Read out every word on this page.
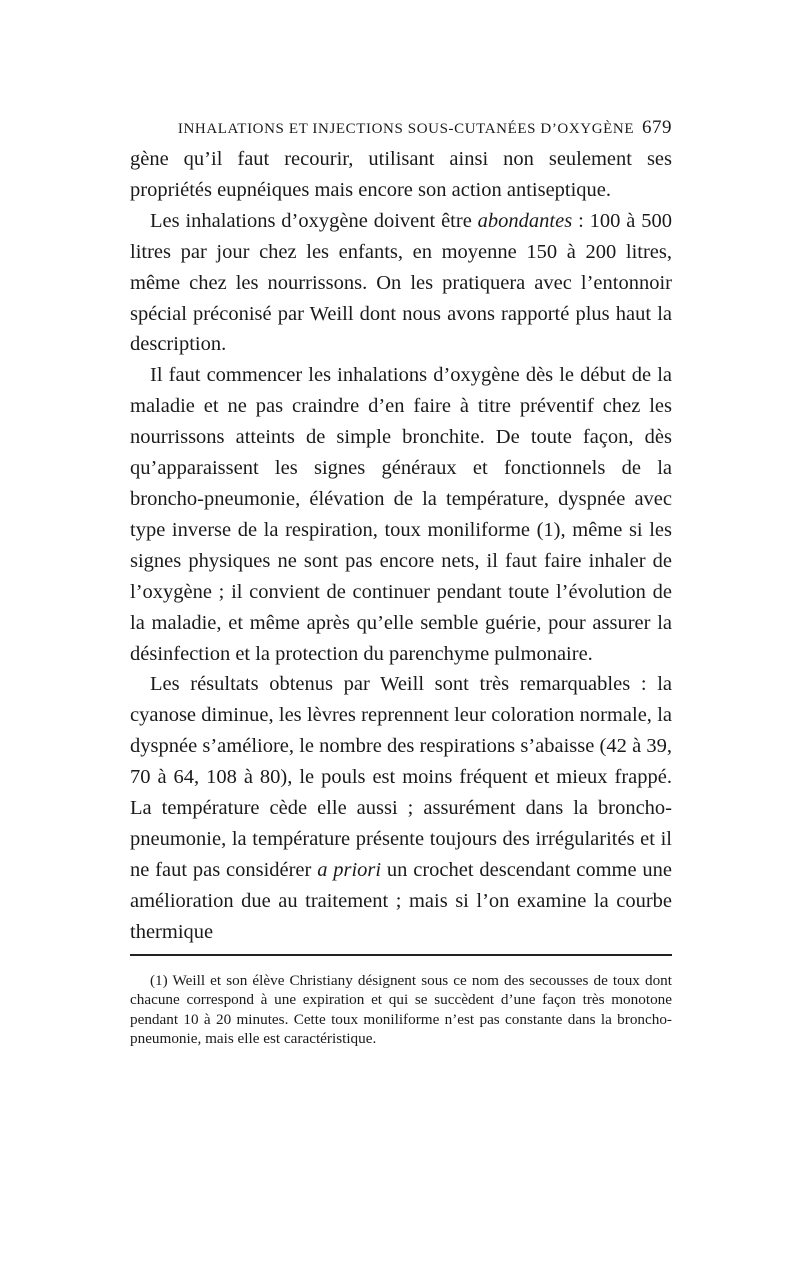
INHALATIONS ET INJECTIONS SOUS-CUTANÉES D’OXYGÈNE 679

gène qu’il faut recourir, utilisant ainsi non seulement ses propriétés eupnéiques mais encore son action antiseptique.

Les inhalations d’oxygène doivent être abondantes : 100 à 500 litres par jour chez les enfants, en moyenne 150 à 200 litres, même chez les nourrissons. On les pratiquera avec l’entonnoir spécial préconisé par Weill dont nous avons rapporté plus haut la description.

Il faut commencer les inhalations d’oxygène dès le début de la maladie et ne pas craindre d’en faire à titre préventif chez les nourrissons atteints de simple bronchite. De toute façon, dès qu’apparaissent les signes généraux et fonctionnels de la broncho-pneumonie, élévation de la température, dyspnée avec type inverse de la respiration, toux moniliforme (1), même si les signes physiques ne sont pas encore nets, il faut faire inhaler de l’oxygène ; il convient de continuer pendant toute l’évolution de la maladie, et même après qu’elle semble guérie, pour assurer la désinfection et la protection du parenchyme pulmonaire.

Les résultats obtenus par Weill sont très remarquables : la cyanose diminue, les lèvres reprennent leur coloration normale, la dyspnée s’améliore, le nombre des respirations s’abaisse (42 à 39, 70 à 64, 108 à 80), le pouls est moins fréquent et mieux frappé. La température cède elle aussi ; assurément dans la broncho-pneumonie, la température présente toujours des irrégularités et il ne faut pas considérer a priori un crochet descendant comme une amélioration due au traitement ; mais si l’on examine la courbe thermique

(1) Weill et son élève Christiany désignent sous ce nom des secousses de toux dont chacune correspond à une expiration et qui se succèdent d’une façon très monotone pendant 10 à 20 minutes. Cette toux moniliforme n’est pas constante dans la broncho-pneumonie, mais elle est caractéristique.
